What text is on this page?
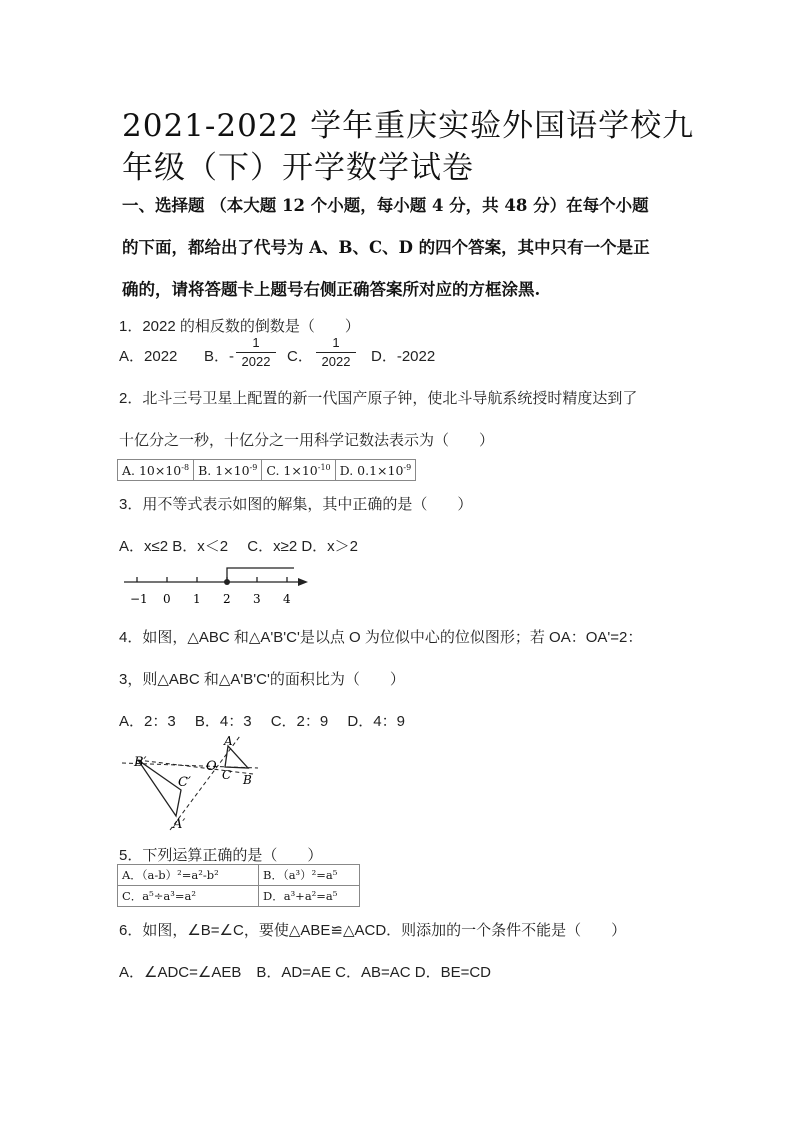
2021-2022 学年重庆实验外国语学校九
年级（下）开学数学试卷
一、选择题 （本大题 12 个小题，每小题 4 分，共 48 分）在每个小题
的下面，都给出了代号为 A、B、C、D 的四个答案，其中只有一个是正
确的，请将答题卡上题号右侧正确答案所对应的方框涂黑.
1．2022 的相反数的倒数是（　　）
A．2022 B．-
1
2022	C．
1
2022	D．-2022
2．北斗三号卫星上配置的新一代国产原子钟，使北斗导航系统授时精度达到了
十亿分之一秒，十亿分之一用科学记数法表示为（　　）
A. $10\times 10^{-8}$	B. $1\times 10^{-9}$	C. $1\times 10^{-10}$	D. $0.1\times 10^{-9}$
3．用不等式表示如图的解集，其中正确的是（　　）
A．x≤2 B．x＜2　 C．x≥2 D．x＞2
−1 0 1 2 3 4
4．如图，△ABC 和△A'B'C'是以点 O 为位似中心的位似图形；若 OA：OA'=2：
3，则△ABC 和△A'B'C'的面积比为（　　）
A．2：3　 B．4：3　 C．2：9　 D．4：9
B′
C′
A′
O
A
C B
5．下列运算正确的是（　　）
A．（a-b）²=a²-b²	B．（a³）²=a⁵
C．a⁵÷a³=a²	D．a³+a²=a⁵
6．如图，∠B=∠C，要使△ABE≌△ACD．则添加的一个条件不能是（　　）
A．∠ADC=∠AEB　B．AD=AE C．AB=AC D．BE=CD
